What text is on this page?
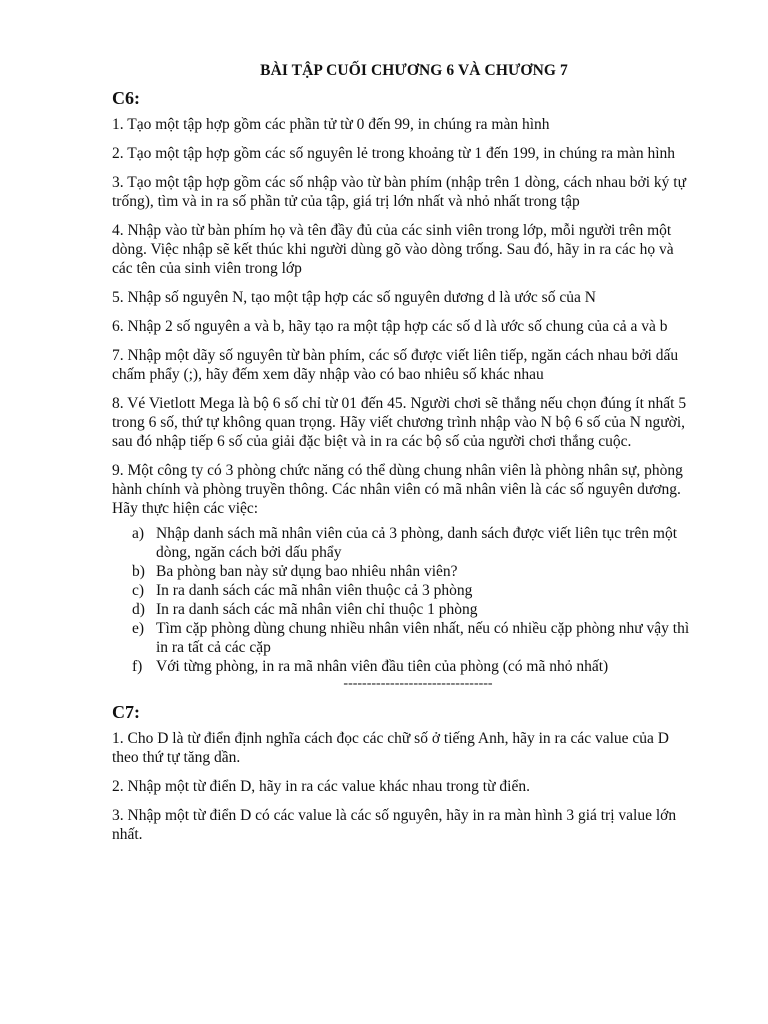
BÀI TẬP CUỐI CHƯƠNG 6 VÀ CHƯƠNG 7
C6:

1. Tạo một tập hợp gồm các phần tử từ 0 đến 99, in chúng ra màn hình

2. Tạo một tập hợp gồm các số nguyên lẻ trong khoảng từ 1 đến 199, in chúng ra màn hình

3. Tạo một tập hợp gồm các số nhập vào từ bàn phím (nhập trên 1 dòng, cách nhau bởi ký tự trống), tìm và in ra số phần tử của tập, giá trị lớn nhất và nhỏ nhất trong tập

4. Nhập vào từ bàn phím họ và tên đầy đủ của các sinh viên trong lớp, mỗi người trên một dòng. Việc nhập sẽ kết thúc khi người dùng gõ vào dòng trống. Sau đó, hãy in ra các họ và các tên của sinh viên trong lớp

5. Nhập số nguyên N, tạo một tập hợp các số nguyên dương d là ước số của N

6. Nhập 2 số nguyên a và b, hãy tạo ra một tập hợp các số d là ước số chung của cả a và b

7. Nhập một dãy số nguyên từ bàn phím, các số được viết liên tiếp, ngăn cách nhau bởi dấu chấm phẩy (;), hãy đếm xem dãy nhập vào có bao nhiêu số khác nhau

8. Vé Vietlott Mega là bộ 6 số chỉ từ 01 đến 45. Người chơi sẽ thắng nếu chọn đúng ít nhất 5 trong 6 số, thứ tự không quan trọng. Hãy viết chương trình nhập vào N bộ 6 số của N người, sau đó nhập tiếp 6 số của giải đặc biệt và in ra các bộ số của người chơi thắng cuộc.

9. Một công ty có 3 phòng chức năng có thể dùng chung nhân viên là phòng nhân sự, phòng hành chính và phòng truyền thông. Các nhân viên có mã nhân viên là các số nguyên dương. Hãy thực hiện các việc:

a) Nhập danh sách mã nhân viên của cả 3 phòng, danh sách được viết liên tục trên một dòng, ngăn cách bởi dấu phẩy
b) Ba phòng ban này sử dụng bao nhiêu nhân viên?
c) In ra danh sách các mã nhân viên thuộc cả 3 phòng
d) In ra danh sách các mã nhân viên chỉ thuộc 1 phòng
e) Tìm cặp phòng dùng chung nhiều nhân viên nhất, nếu có nhiều cặp phòng như vậy thì in ra tất cả các cặp
f) Với từng phòng, in ra mã nhân viên đầu tiên của phòng (có mã nhỏ nhất)
--------------------------------
C7:

1. Cho D là từ điển định nghĩa cách đọc các chữ số ở tiếng Anh, hãy in ra các value của D theo thứ tự tăng dần.

2. Nhập một từ điển D, hãy in ra các value khác nhau trong từ điển.

3. Nhập một từ điển D có các value là các số nguyên, hãy in ra màn hình 3 giá trị value lớn nhất.
